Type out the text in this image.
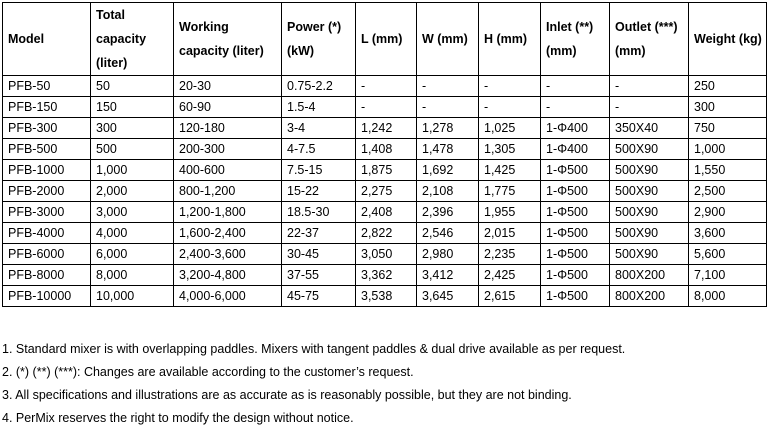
Model	Total capacity (liter)	Working capacity (liter)	Power (*) (kW)	L (mm)	W (mm)	H (mm)	Inlet (**) (mm)	Outlet (***) (mm)	Weight (kg)
PFB-50	50	20-30	0.75-2.2	-	-	-	-	-	250
PFB-150	150	60-90	1.5-4	-	-	-	-	-	300
PFB-300	300	120-180	3-4	1,242	1,278	1,025	1-Φ400	350X40	750
PFB-500	500	200-300	4-7.5	1,408	1,478	1,305	1-Φ400	500X90	1,000
PFB-1000	1,000	400-600	7.5-15	1,875	1,692	1,425	1-Φ500	500X90	1,550
PFB-2000	2,000	800-1,200	15-22	2,275	2,108	1,775	1-Φ500	500X90	2,500
PFB-3000	3,000	1,200-1,800	18.5-30	2,408	2,396	1,955	1-Φ500	500X90	2,900
PFB-4000	4,000	1,600-2,400	22-37	2,822	2,546	2,015	1-Φ500	500X90	3,600
PFB-6000	6,000	2,400-3,600	30-45	3,050	2,980	2,235	1-Φ500	500X90	5,600
PFB-8000	8,000	3,200-4,800	37-55	3,362	3,412	2,425	1-Φ500	800X200	7,100
PFB-10000	10,000	4,000-6,000	45-75	3,538	3,645	2,615	1-Φ500	800X200	8,000
1. Standard mixer is with overlapping paddles. Mixers with tangent paddles & dual drive available as per request.
2. (*) (**) (***): Changes are available according to the customer’s request.
3. All specifications and illustrations are as accurate as is reasonably possible, but they are not binding.
4. PerMix reserves the right to modify the design without notice.
